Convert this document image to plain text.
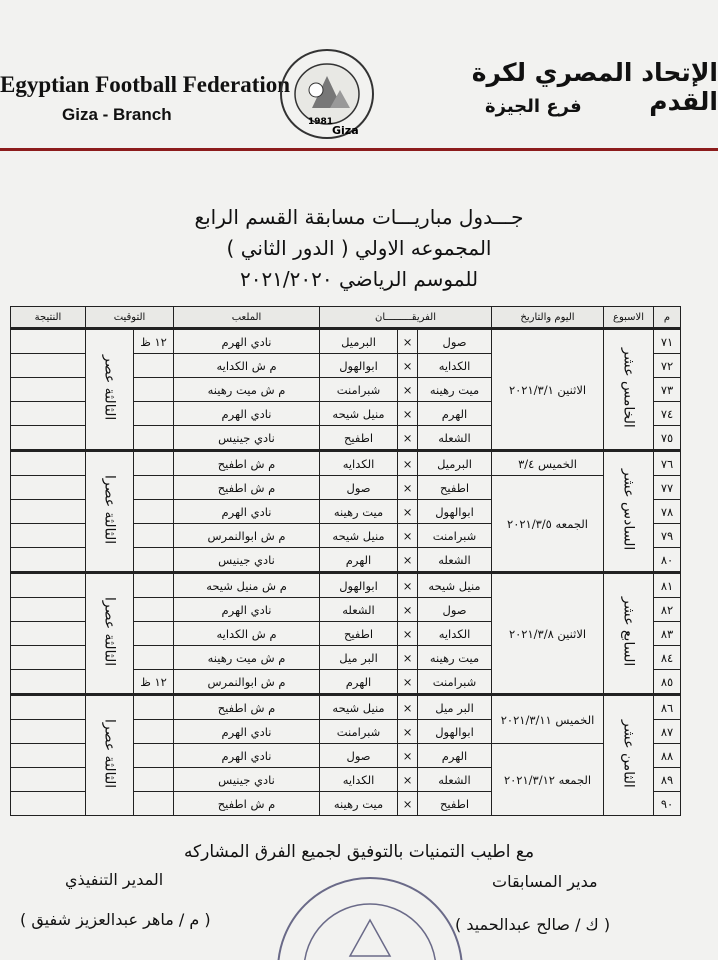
Egyptian Football Federation
Giza - Branch
الإتحاد المصري لكرة القدم
فرع الجيزة
1981
Giza
جـــدول مباريـــات مسابقة القسم الرابع
المجموعه الاولي ( الدور الثاني )
للموسم الرياضي ٢٠٢١/٢٠٢٠
م	الاسبوع	اليوم والتاريخ	الفريقـــــــــان			الملعب	التوقيت		النتيجة
٧١	الخامس عشر	الاثنين ٢٠٢١/٣/١	صول	×	البرميل	نادي الهرم	١٢ ظ	الثالثة عصر	
٧٢			الكدايه	×	ابوالهول	م ش الكدايه			
٧٣			ميت رهينه	×	شبرامنت	م ش ميت رهينه			
٧٤			الهرم	×	منيل شيحه	نادي الهرم			
٧٥			الشعله	×	اطفيح	نادي جينيس			
٧٦	السادس عشر	الخميس ٣/٤	البرميل	×	الكدايه	م ش اطفيح		الثالثة عصرا	
٧٧		الجمعه ٢٠٢١/٣/٥	اطفيح	×	صول	م ش اطفيح			
٧٨			ابوالهول	×	ميت رهينه	نادي الهرم			
٧٩			شبرامنت	×	منيل شيحه	م ش ابوالنمرس			
٨٠			الشعله	×	الهرم	نادي جينيس			
٨١	السابع عشر	الاثنين ٢٠٢١/٣/٨	منيل شيحه	×	ابوالهول	م ش منيل شيحه		الثالثة عصرا	
٨٢			صول	×	الشعله	نادي الهرم			
٨٣			الكدايه	×	اطفيح	م ش الكدايه			
٨٤			ميت رهينه	×	البر ميل	م ش ميت رهينه			
٨٥			شبرامنت	×	الهرم	م ش ابوالنمرس	١٢ ظ		
٨٦	الثامن عشر	الخميس ٢٠٢١/٣/١١	البر ميل	×	منيل شيحه	م ش اطفيح		الثالثة عصرا	
٨٧			ابوالهول	×	شبرامنت	نادي الهرم			
٨٨		الجمعه ٢٠٢١/٣/١٢	الهرم	×	صول	نادي الهرم			
٨٩			الشعله	×	الكدايه	نادي جينيس			
٩٠			اطفيح	×	ميت رهينه	م ش اطفيح			
مع اطيب التمنيات بالتوفيق لجميع الفرق المشاركه
مدير المسابقات
( ك / صالح عبدالحميد )
المدير التنفيذي
( م / ماهر عبدالعزيز شفيق )
